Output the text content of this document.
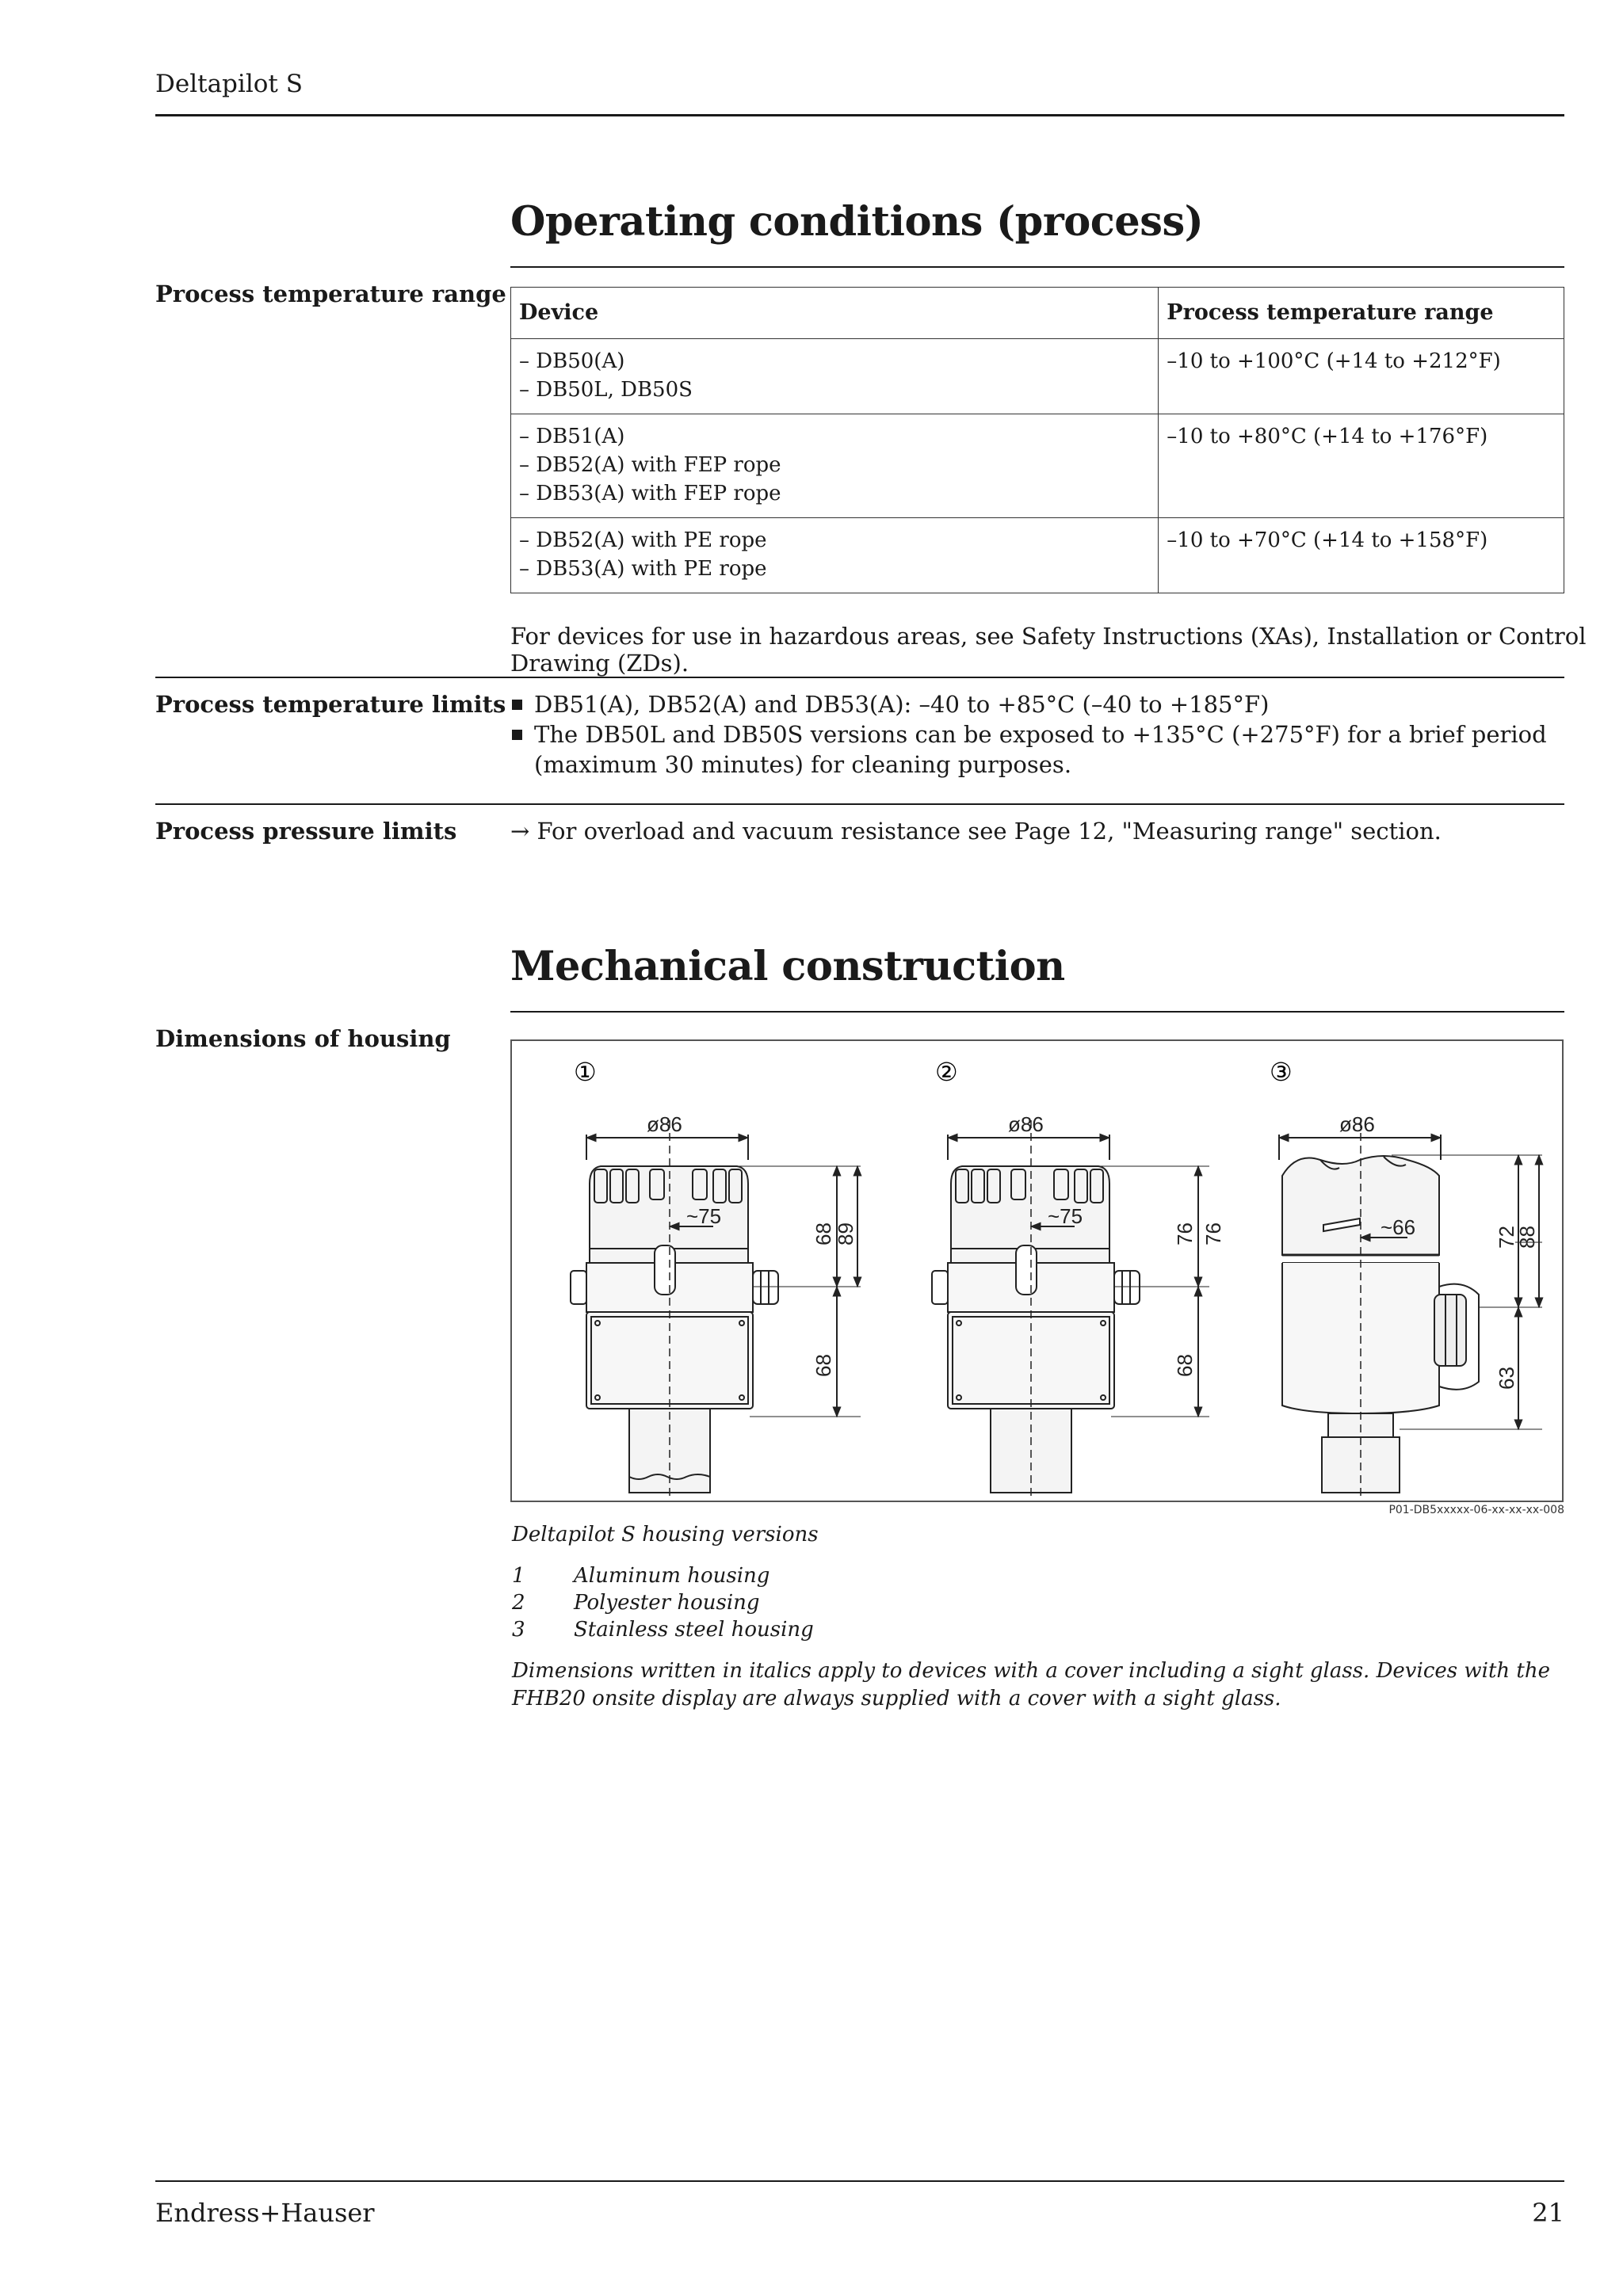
Deltapilot S
Operating conditions (process)
Process temperature range
Device	Process temperature range

– DB50(A)
– DB50L, DB50S	–10 to +100°C (+14 to +212°F)

– DB51(A)
– DB52(A) with FEP rope
– DB53(A) with FEP rope	–10 to +80°C (+14 to +176°F)

– DB52(A) with PE rope
– DB53(A) with PE rope	–10 to +70°C (+14 to +158°F)
For devices for use in hazardous areas, see Safety Instructions (XAs), Installation or Control Drawing (ZDs).
Process temperature limits	DB51(A), DB52(A) and DB53(A): –40 to +85°C (–40 to +185°F)
The DB50L and DB50S versions can be exposed to +135°C (+275°F) for a brief period (maximum 30 minutes) for cleaning purposes.
Process pressure limits → For overload and vacuum resistance see Page 12, "Measuring range" section.
Mechanical construction
Dimensions of housing
①	②	③
ø86
~75
68
89
68
ø86
~75
76 76
68
ø86
~66	72
88
63
P01-DB5xxxxx-06-xx-xx-xx-008
Deltapilot S housing versions
1 Aluminum housing
2 Polyester housing
3 Stainless steel housing
Dimensions written in italics apply to devices with a cover including a sight glass. Devices with the FHB20 onsite display are always supplied with a cover with a sight glass.
Endress+Hauser	21
